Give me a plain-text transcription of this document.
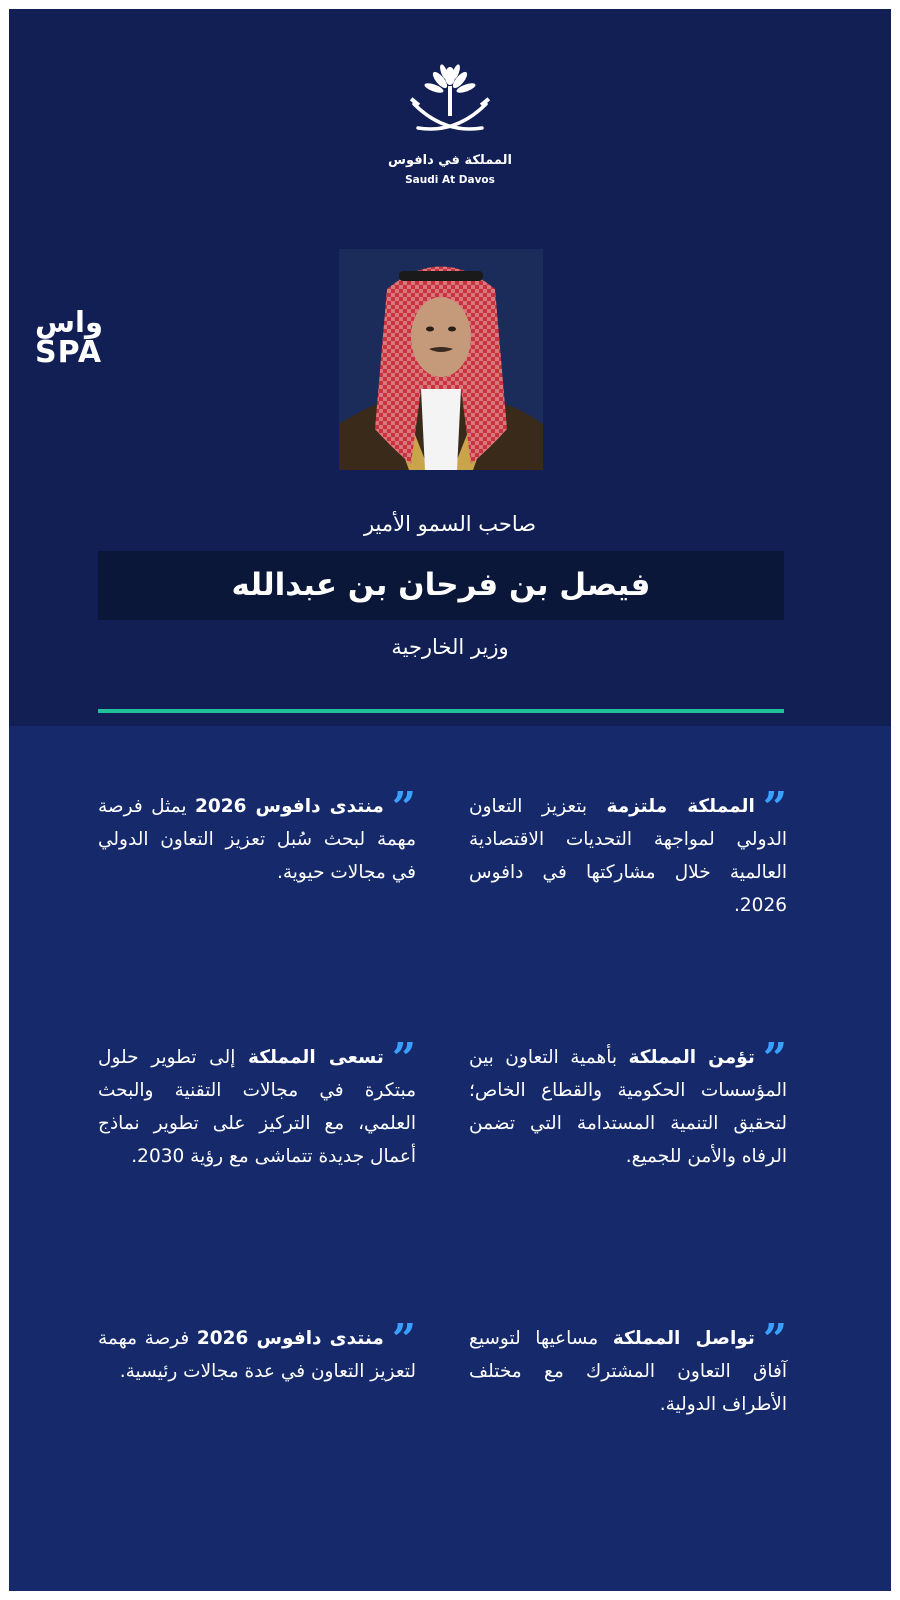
المملكة في دافوس
Saudi At Davos
واس
SPA
صاحب السمو الأمير
فيصل بن فرحان بن عبدالله
وزير الخارجية
”المملكة ملتزمة بتعزيز التعاون الدولي لمواجهة التحديات الاقتصادية العالمية خلال مشاركتها في دافوس 2026.
”منتدى دافوس 2026 يمثل فرصة مهمة لبحث سُبل تعزيز التعاون الدولي في مجالات حيوية.
”تؤمن المملكة بأهمية التعاون بين المؤسسات الحكومية والقطاع الخاص؛ لتحقيق التنمية المستدامة التي تضمن الرفاه والأمن للجميع.
”تسعى المملكة إلى تطوير حلول مبتكرة في مجالات التقنية والبحث العلمي، مع التركيز على تطوير نماذج أعمال جديدة تتماشى مع رؤية 2030.
”تواصل المملكة مساعيها لتوسيع آفاق التعاون المشترك مع مختلف الأطراف الدولية.
”منتدى دافوس 2026 فرصة مهمة لتعزيز التعاون في عدة مجالات رئيسية.
